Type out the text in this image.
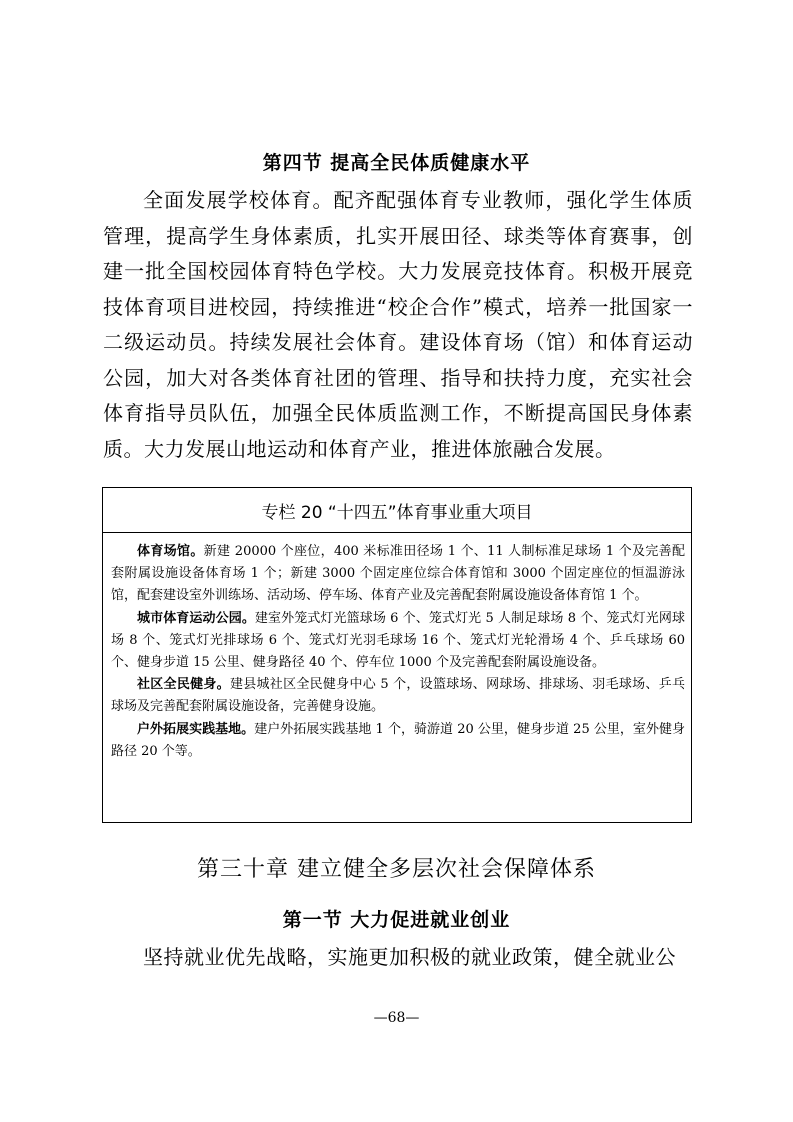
第四节 提高全民体质健康水平

全面发展学校体育。配齐配强体育专业教师，强化学生体质管理，提高学生身体素质，扎实开展田径、球类等体育赛事，创建一批全国校园体育特色学校。大力发展竞技体育。积极开展竞技体育项目进校园，持续推进“校企合作”模式，培养一批国家一二级运动员。持续发展社会体育。建设体育场（馆）和体育运动公园，加大对各类体育社团的管理、指导和扶持力度，充实社会体育指导员队伍，加强全民体质监测工作，不断提高国民身体素质。大力发展山地运动和体育产业，推进体旅融合发展。

专栏 20 “十四五”体育事业重大项目

体育场馆。新建 20000 个座位，400 米标准田径场 1 个、11 人制标准足球场 1 个及完善配套附属设施设备体育场 1 个；新建 3000 个固定座位综合体育馆和 3000 个固定座位的恒温游泳馆，配套建设室外训练场、活动场、停车场、体育产业及完善配套附属设施设备体育馆 1 个。

城市体育运动公园。建室外笼式灯光篮球场 6 个、笼式灯光 5 人制足球场 8 个、笼式灯光网球场 8 个、笼式灯光排球场 6 个、笼式灯光羽毛球场 16 个、笼式灯光轮滑场 4 个、乒乓球场 60 个、健身步道 15 公里、健身路径 40 个、停车位 1000 个及完善配套附属设施设备。

社区全民健身。建县城社区全民健身中心 5 个，设篮球场、网球场、排球场、羽毛球场、乒乓球场及完善配套附属设施设备，完善健身设施。

户外拓展实践基地。建户外拓展实践基地 1 个，骑游道 20 公里，健身步道 25 公里，室外健身路径 20 个等。

第三十章 建立健全多层次社会保障体系
第一节 大力促进就业创业

坚持就业优先战略，实施更加积极的就业政策，健全就业公

—68—
